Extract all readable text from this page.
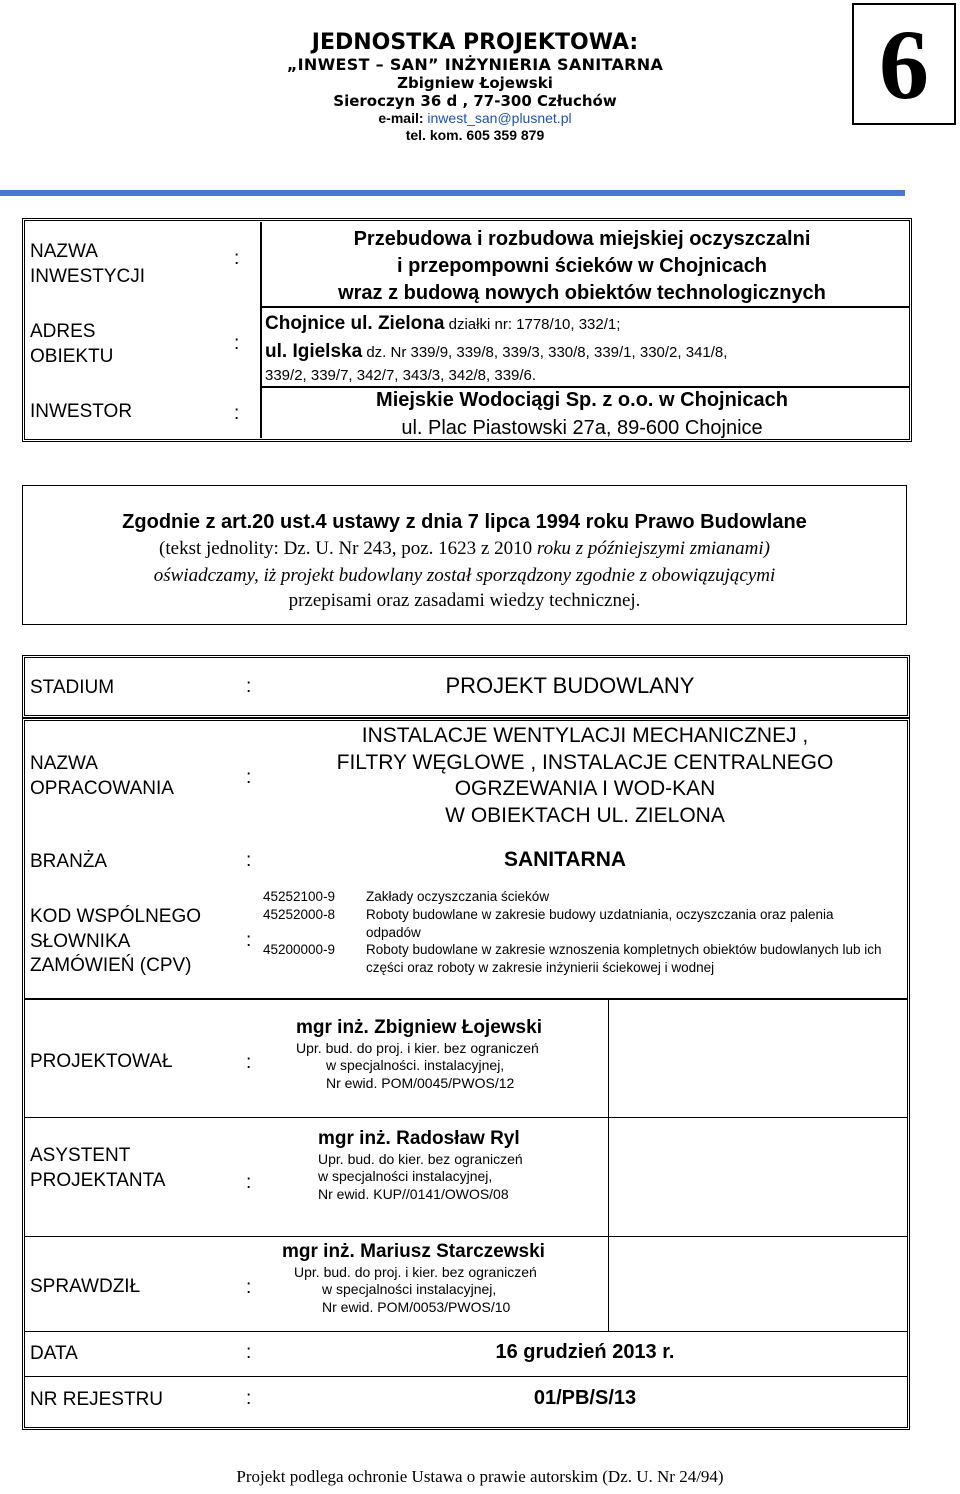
JEDNOSTKA PROJEKTOWA:
„INWEST – SAN” INŻYNIERIA SANITARNA
Zbigniew Łojewski
Sieroczyn 36 d , 77-300 Człuchów
e-mail: inwest_san@plusnet.pl
tel. kom. 605 359 879
6
NAZWA
INWESTYCJI
:
Przebudowa i rozbudowa miejskiej oczyszczalni
i przepompowni ścieków w Chojnicach
wraz z budową nowych obiektów technologicznych
ADRES
OBIEKTU
:
Chojnice ul. Zielona działki nr: 1778/10, 332/1;
ul. Igielska dz. Nr 339/9, 339/8, 339/3, 330/8, 339/1, 330/2, 341/8,
339/2, 339/7, 342/7, 343/3, 342/8, 339/6.
INWESTOR	:
Miejskie Wodociągi Sp. z o.o. w Chojnicach
ul. Plac Piastowski 27a, 89-600 Chojnice
Zgodnie z art.20 ust.4 ustawy z dnia 7 lipca 1994 roku Prawo Budowlane
(tekst jednolity: Dz. U. Nr 243, poz. 1623 z 2010 roku z późniejszymi zmianami)
oświadczamy, iż projekt budowlany został sporządzony zgodnie z obowiązującymi
przepisami oraz zasadami wiedzy technicznej.
STADIUM	:	PROJEKT BUDOWLANY
NAZWA
OPRACOWANIA
:
INSTALACJE WENTYLACJI MECHANICZNEJ ,
FILTRY WĘGLOWE , INSTALACJE CENTRALNEGO
OGRZEWANIA I WOD-KAN
W OBIEKTACH UL. ZIELONA
BRANŻA	:	SANITARNA
KOD WSPÓLNEGO
SŁOWNIKA
ZAMÓWIEŃ (CPV)
:
45252100-9	Zakłady oczyszczania ścieków
45252000-8	Roboty budowlane w zakresie budowy uzdatniania, oczyszczania oraz palenia odpadów
45200000-9	Roboty budowlane w zakresie wznoszenia kompletnych obiektów budowlanych lub ich części oraz roboty w zakresie inżynierii ściekowej i wodnej
PROJEKTOWAŁ	:
mgr inż. Zbigniew Łojewski
Upr. bud. do proj. i kier. bez ograniczeń
w specjalności. instalacyjnej,
Nr ewid. POM/0045/PWOS/12
ASYSTENT
PROJEKTANTA	:
mgr inż. Radosław Ryl
Upr. bud. do kier. bez ograniczeń
w specjalności instalacyjnej,
Nr ewid. KUP//0141/OWOS/08
SPRAWDZIŁ	:
mgr inż. Mariusz Starczewski
Upr. bud. do proj. i kier. bez ograniczeń
w specjalności instalacyjnej,
Nr ewid. POM/0053/PWOS/10
DATA	:	16 grudzień 2013 r.
NR REJESTRU	:	01/PB/S/13
Projekt podlega ochronie Ustawa o prawie autorskim (Dz. U. Nr 24/94)
